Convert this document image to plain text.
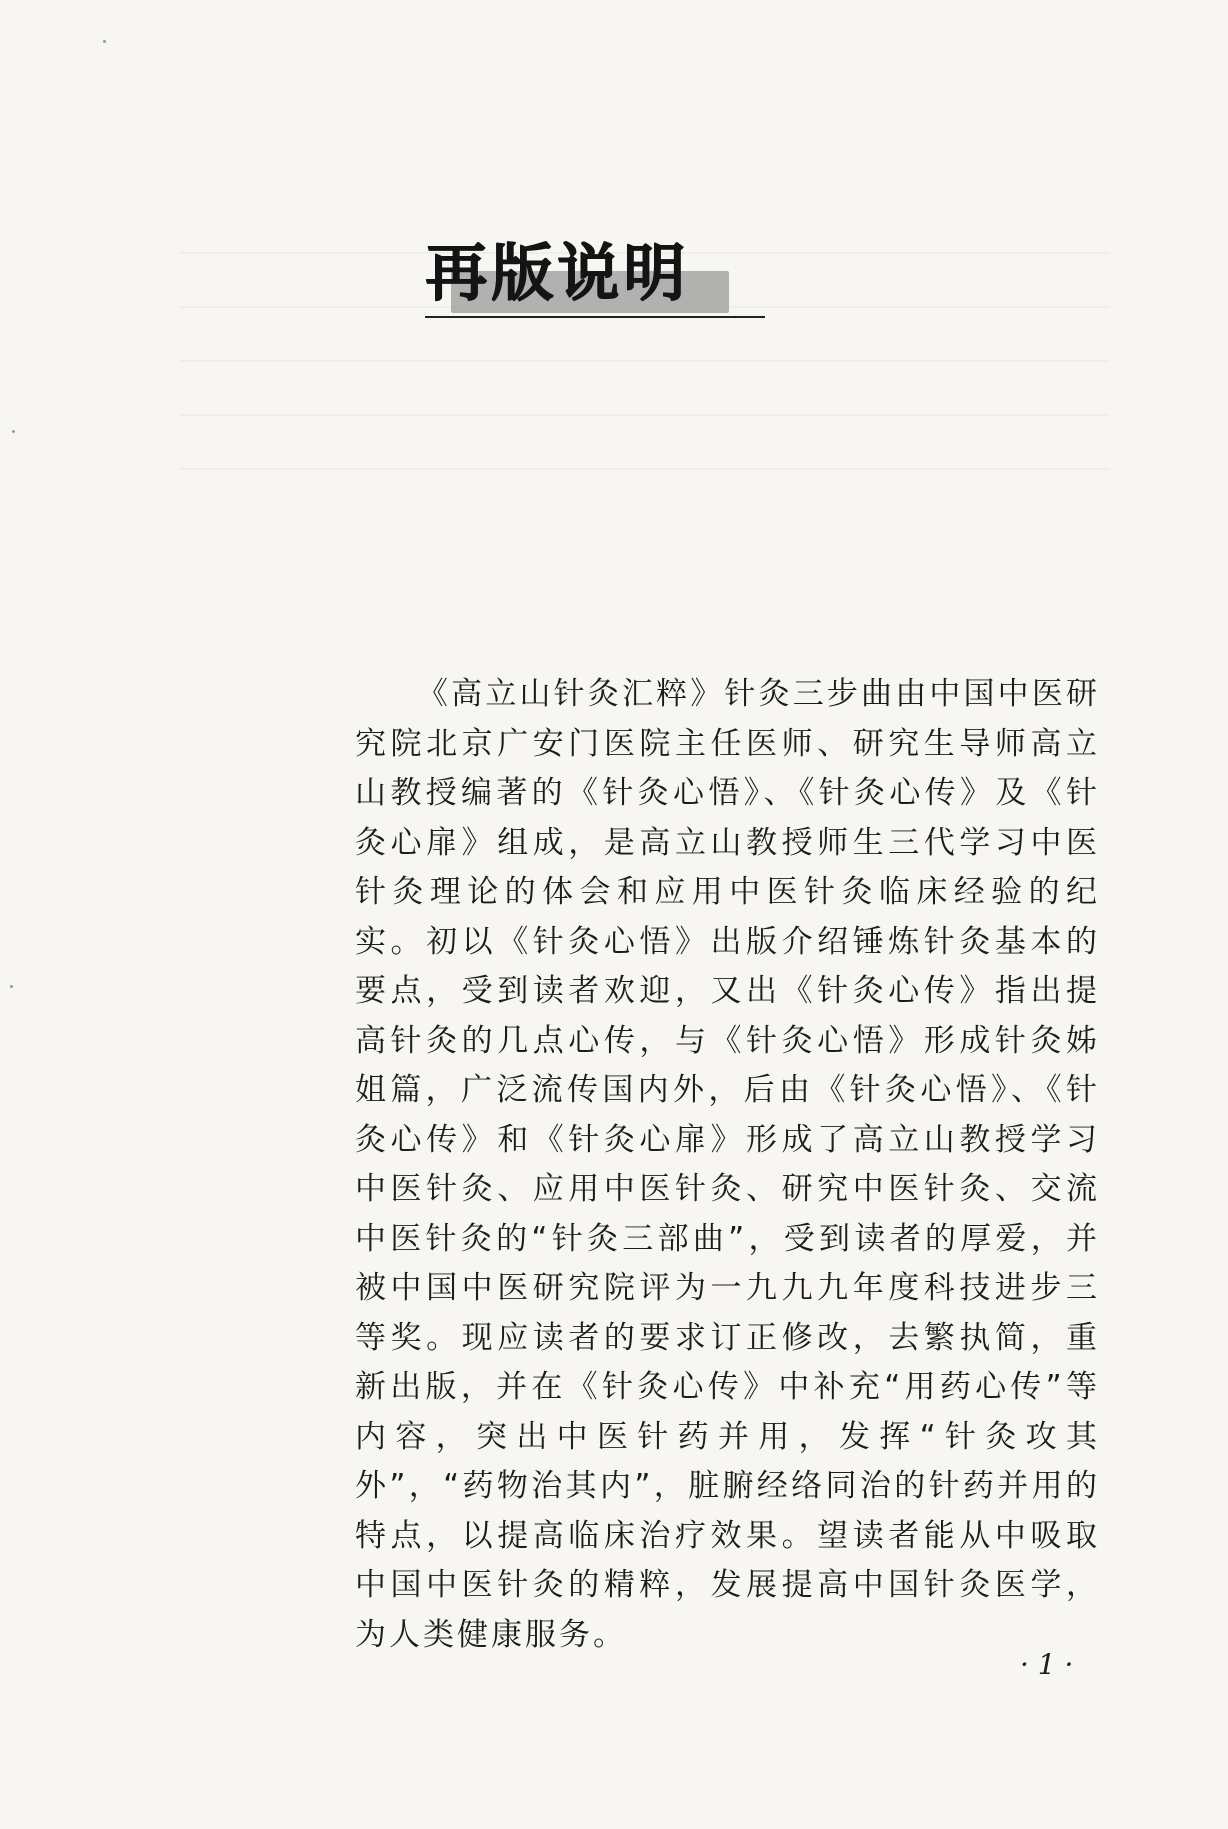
再版说明

《高立山针灸汇粹》针灸三步曲由中国中医研究院北京广安门医院主任医师、研究生导师高立山教授编著的《针灸心悟》、《针灸心传》及《针灸心扉》组成，是高立山教授师生三代学习中医针灸理论的体会和应用中医针灸临床经验的纪实。初以《针灸心悟》出版介绍锤炼针灸基本的要点，受到读者欢迎，又出《针灸心传》指出提高针灸的几点心传，与《针灸心悟》形成针灸姊姐篇，广泛流传国内外，后由《针灸心悟》、《针灸心传》和《针灸心扉》形成了高立山教授学习中医针灸、应用中医针灸、研究中医针灸、交流中医针灸的“针灸三部曲”，受到读者的厚爱，并被中国中医研究院评为一九九九年度科技进步三等奖。现应读者的要求订正修改，去繁执简，重新出版，并在《针灸心传》中补充“用药心传”等内容，突出中医针药并用，发挥“针灸攻其外”，“药物治其内”，脏腑经络同治的针药并用的特点，以提高临床治疗效果。望读者能从中吸取中国中医针灸的精粹，发展提高中国针灸医学，为人类健康服务。

· 1 ·
